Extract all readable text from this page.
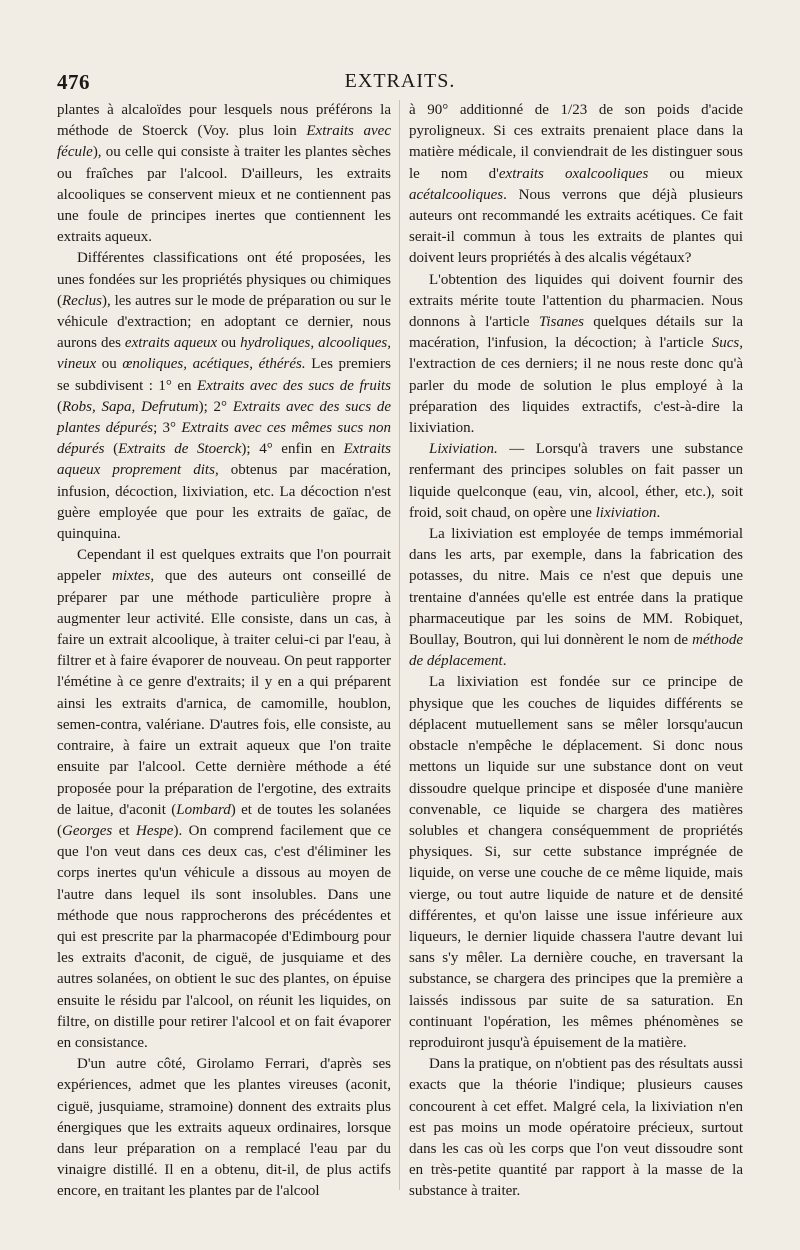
476	EXTRAITS.

plantes à alcaloïdes pour lesquels nous préférons la méthode de Stoerck (Voy. plus loin Extraits avec fécule), ou celle qui consiste à traiter les plantes sèches ou fraîches par l'alcool. D'ailleurs, les extraits alcooliques se conservent mieux et ne contiennent pas une foule de principes inertes que contiennent les extraits aqueux.

Différentes classifications ont été proposées, les unes fondées sur les propriétés physiques ou chimiques (Reclus), les autres sur le mode de préparation ou sur le véhicule d'extraction; en adoptant ce dernier, nous aurons des extraits aqueux ou hydroliques, alcooliques, vineux ou œnoliques, acétiques, éthérés. Les premiers se subdivisent : 1° en Extraits avec des sucs de fruits (Robs, Sapa, Defrutum); 2° Extraits avec des sucs de plantes dépurés; 3° Extraits avec ces mêmes sucs non dépurés (Extraits de Stoerck); 4° enfin en Extraits aqueux proprement dits, obtenus par macération, infusion, décoction, lixiviation, etc. La décoction n'est guère employée que pour les extraits de gaïac, de quinquina.

Cependant il est quelques extraits que l'on pourrait appeler mixtes, que des auteurs ont conseillé de préparer par une méthode particulière propre à augmenter leur activité. Elle consiste, dans un cas, à faire un extrait alcoolique, à traiter celui-ci par l'eau, à filtrer et à faire évaporer de nouveau. On peut rapporter l'émétine à ce genre d'extraits; il y en a qui préparent ainsi les extraits d'arnica, de camomille, houblon, semen-contra, valériane. D'autres fois, elle consiste, au contraire, à faire un extrait aqueux que l'on traite ensuite par l'alcool. Cette dernière méthode a été proposée pour la préparation de l'ergotine, des extraits de laitue, d'aconit (Lombard) et de toutes les solanées (Georges et Hespe). On comprend facilement que ce que l'on veut dans ces deux cas, c'est d'éliminer les corps inertes qu'un véhicule a dissous au moyen de l'autre dans lequel ils sont insolubles. Dans une méthode que nous rapprocherons des précédentes et qui est prescrite par la pharmacopée d'Edimbourg pour les extraits d'aconit, de ciguë, de jusquiame et des autres solanées, on obtient le suc des plantes, on épuise ensuite le résidu par l'alcool, on réunit les liquides, on filtre, on distille pour retirer l'alcool et on fait évaporer en consistance.

D'un autre côté, Girolamo Ferrari, d'après ses expériences, admet que les plantes vireuses (aconit, ciguë, jusquiame, stramoine) donnent des extraits plus énergiques que les extraits aqueux ordinaires, lorsque dans leur préparation on a remplacé l'eau par du vinaigre distillé. Il en a obtenu, dit-il, de plus actifs encore, en traitant les plantes par de l'alcool

à 90° additionné de 1/23 de son poids d'acide pyroligneux. Si ces extraits prenaient place dans la matière médicale, il conviendrait de les distinguer sous le nom d'extraits oxalcooliques ou mieux acétalcooliques. Nous verrons que déjà plusieurs auteurs ont recommandé les extraits acétiques. Ce fait serait-il commun à tous les extraits de plantes qui doivent leurs propriétés à des alcalis végétaux?

L'obtention des liquides qui doivent fournir des extraits mérite toute l'attention du pharmacien. Nous donnons à l'article Tisanes quelques détails sur la macération, l'infusion, la décoction; à l'article Sucs, l'extraction de ces derniers; il ne nous reste donc qu'à parler du mode de solution le plus employé à la préparation des liquides extractifs, c'est-à-dire la lixiviation.

Lixiviation. — Lorsqu'à travers une substance renfermant des principes solubles on fait passer un liquide quelconque (eau, vin, alcool, éther, etc.), soit froid, soit chaud, on opère une lixiviation.

La lixiviation est employée de temps immémorial dans les arts, par exemple, dans la fabrication des potasses, du nitre. Mais ce n'est que depuis une trentaine d'années qu'elle est entrée dans la pratique pharmaceutique par les soins de MM. Robiquet, Boullay, Boutron, qui lui donnèrent le nom de méthode de déplacement.

La lixiviation est fondée sur ce principe de physique que les couches de liquides différents se déplacent mutuellement sans se mêler lorsqu'aucun obstacle n'empêche le déplacement. Si donc nous mettons un liquide sur une substance dont on veut dissoudre quelque principe et disposée d'une manière convenable, ce liquide se chargera des matières solubles et changera conséquemment de propriétés physiques. Si, sur cette substance imprégnée de liquide, on verse une couche de ce même liquide, mais vierge, ou tout autre liquide de nature et de densité différentes, et qu'on laisse une issue inférieure aux liqueurs, le dernier liquide chassera l'autre devant lui sans s'y mêler. La dernière couche, en traversant la substance, se chargera des principes que la première a laissés indissous par suite de sa saturation. En continuant l'opération, les mêmes phénomènes se reproduiront jusqu'à épuisement de la matière.

Dans la pratique, on n'obtient pas des résultats aussi exacts que la théorie l'indique; plusieurs causes concourent à cet effet. Malgré cela, la lixiviation n'en est pas moins un mode opératoire précieux, surtout dans les cas où les corps que l'on veut dissoudre sont en très-petite quantité par rapport à la masse de la substance à traiter.
